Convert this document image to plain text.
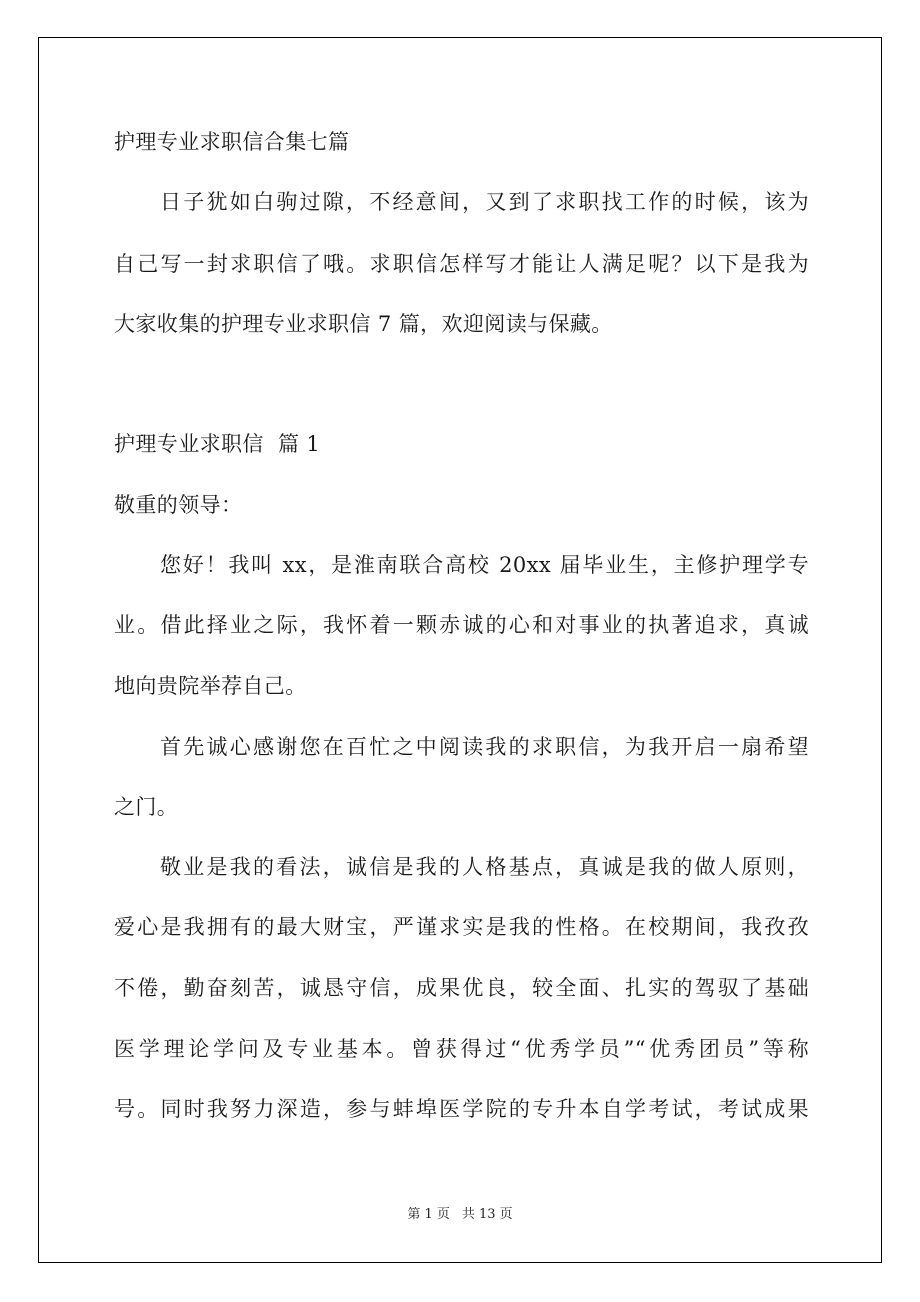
护理专业求职信合集七篇
日子犹如白驹过隙，不经意间，又到了求职找工作的时候，该为
自己写一封求职信了哦。求职信怎样写才能让人满足呢？以下是我为
大家收集的护理专业求职信 7 篇，欢迎阅读与保藏。
护理专业求职信  篇 1
敬重的领导：
您好！我叫 xx，是淮南联合高校 20xx 届毕业生，主修护理学专
业。借此择业之际，我怀着一颗赤诚的心和对事业的执著追求，真诚
地向贵院举荐自己。
首先诚心感谢您在百忙之中阅读我的求职信，为我开启一扇希望
之门。
敬业是我的看法，诚信是我的人格基点，真诚是我的做人原则，
爱心是我拥有的最大财宝，严谨求实是我的性格。在校期间，我孜孜
不倦，勤奋刻苦，诚恳守信，成果优良，较全面、扎实的驾驭了基础
医学理论学问及专业基本。曾获得过“优秀学员”“优秀团员”等称
号。同时我努力深造，参与蚌埠医学院的专升本自学考试，考试成果
第 1 页 共 13 页
